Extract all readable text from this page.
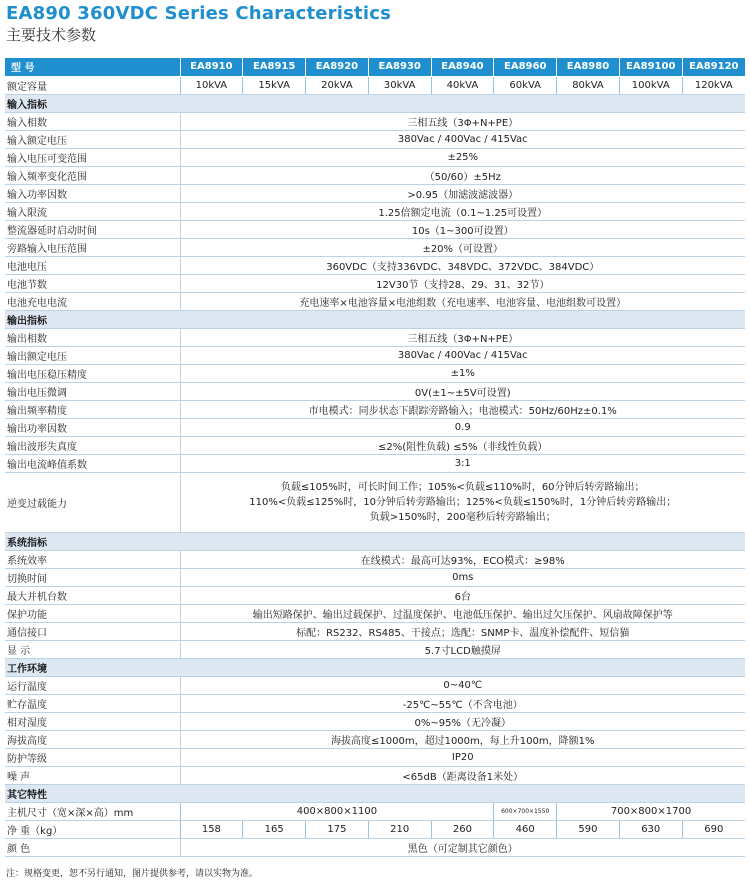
EA890 360VDC Series Characteristics
主要技术参数
型 号	EA8910	EA8915	EA8920	EA8930	EA8940	EA8960	EA8980	EA89100	EA89120
额定容量	10kVA	15kVA	20kVA	30kVA	40kVA	60kVA	80kVA	100kVA	120kVA
输入指标									
输入相数	三相五线（3Φ+N+PE）								
输入额定电压	380Vac / 400Vac / 415Vac								
输入电压可变范围	±25%								
输入频率变化范围	（50/60）±5Hz								
输入功率因数	>0.95（加滤波滤波器）								
输入限流	1.25倍额定电流（0.1~1.25可设置）								
整流器延时启动时间	10s（1~300可设置）								
旁路输入电压范围	±20%（可设置）								
电池电压	360VDC（支持336VDC、348VDC、372VDC、384VDC）								
电池节数	12V30节（支持28、29、31、32节）								
电池充电电流	充电速率×电池容量×电池组数（充电速率、电池容量、电池组数可设置）								
输出指标									
输出相数	三相五线（3Φ+N+PE）								
输出额定电压	380Vac / 400Vac / 415Vac								
输出电压稳压精度	±1%								
输出电压微调	0V(±1~±5V可设置)								
输出频率精度	市电模式：同步状态下跟踪旁路输入；电池模式：50Hz/60Hz±0.1%								
输出功率因数	0.9								
输出波形失真度	≤2%(阻性负载) ≤5%（非线性负载）								
输出电流峰值系数	3:1								
逆变过载能力	负载≤105%时，可长时间工作；105%<负载≤110%时，60分钟后转旁路输出；
110%<负载≤125%时，10分钟后转旁路输出；125%<负载≤150%时，1分钟后转旁路输出；
负载>150%时，200毫秒后转旁路输出；								

系统指标									
系统效率	在线模式：最高可达93%，ECO模式：≥98%								
切换时间	0ms								
最大并机台数	6台								
保护功能	输出短路保护、输出过载保护、过温度保护、电池低压保护、输出过欠压保护、风扇故障保护等								
通信接口	标配：RS232、RS485、干接点；选配：SNMP卡、温度补偿配件、短信猫								
显 示	5.7寸LCD触摸屏								
工作环境									
运行温度	0~40℃								
贮存温度	-25℃~55℃（不含电池）								
相对湿度	0%~95%（无冷凝）								
海拔高度	海拔高度≤1000m，超过1000m，每上升100m，降额1%								
防护等级	IP20								
噪 声	<65dB（距离设备1米处）								
其它特性									
主机尺寸（宽×深×高）mm	400×800×1100					600×700×1550	700×800×1700		
净 重（kg）	158	165	175	210	260	460	590	630	690
颜 色	黑色（可定制其它颜色）								
注：规格变更，恕不另行通知，图片提供参考，请以实物为准。
